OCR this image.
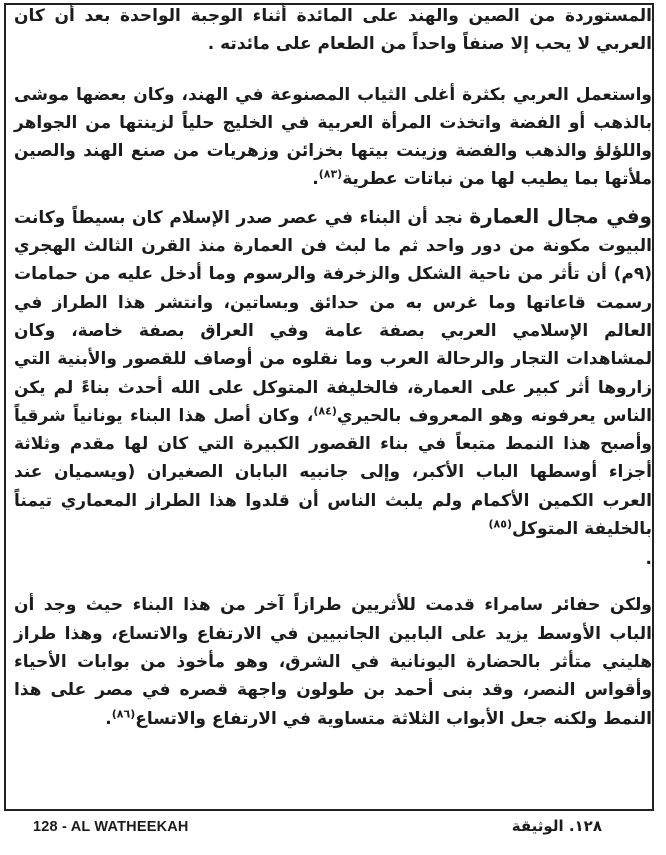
المستوردة من الصين والهند على المائدة أثناء الوجبة الواحدة بعد أن كان العربي لا يحب إلا صنفاً واحداً من الطعام على مائدته .

واستعمل العربي بكثرة أغلى الثياب المصنوعة في الهند، وكان بعضها موشى بالذهب أو الفضة واتخذت المرأة العربية في الخليج حلياً لزينتها من الجواهر واللؤلؤ والذهب والفضة وزينت بيتها بخزائن وزهريات من صنع الهند والصين ملأتها بما يطيب لها من نباتات عطرية$^{(٨٣)}$.

وفي مجال العمارة نجد أن البناء في عصر صدر الإسلام كان بسيطاً وكانت البيوت مكونة من دور واحد ثم ما لبث فن العمارة منذ القرن الثالث الهجري (٩م) أن تأثر من ناحية الشكل والزخرفة والرسوم وما أدخل عليه من حمامات رسمت قاعاتها وما غرس به من حدائق وبساتين، وانتشر هذا الطراز في العالم الإسلامي العربي بصفة عامة وفي العراق بصفة خاصة، وكان لمشاهدات التجار والرحالة العرب وما نقلوه من أوصاف للقصور والأبنية التي زاروها أثر كبير على العمارة، فالخليفة المتوكل على الله أحدث بناءً لم يكن الناس يعرفونه وهو المعروف بالحيري$^{(٨٤)}$، وكان أصل هذا البناء يونانياً شرقياً وأصبح هذا النمط متبعاً في بناء القصور الكبيرة التي كان لها مقدم وثلاثة أجزاء أوسطها الباب الأكبر، وإلى جانبيه البابان الصغيران (ويسميان عند العرب الكمين الأكمام ولم يلبث الناس أن قلدوا هذا الطراز المعماري تيمناً بالخليفة المتوكل$^{(٨٥)}$

.

ولكن حفائر سامراء قدمت للأثريين طرازاً آخر من هذا البناء حيث وجد أن الباب الأوسط يزيد على البابين الجانبيين في الارتفاع والاتساع، وهذا طراز هليني متأثر بالحضارة اليونانية في الشرق، وهو مأخوذ من بوابات الأحياء وأقواس النصر، وقد بنى أحمد بن طولون واجهة قصره في مصر على هذا النمط ولكنه جعل الأبواب الثلاثة متساوية في الارتفاع والاتساع$^{(٨٦)}$.

128 - AL WATHEEKAH	١٢٨. الوثيقة
